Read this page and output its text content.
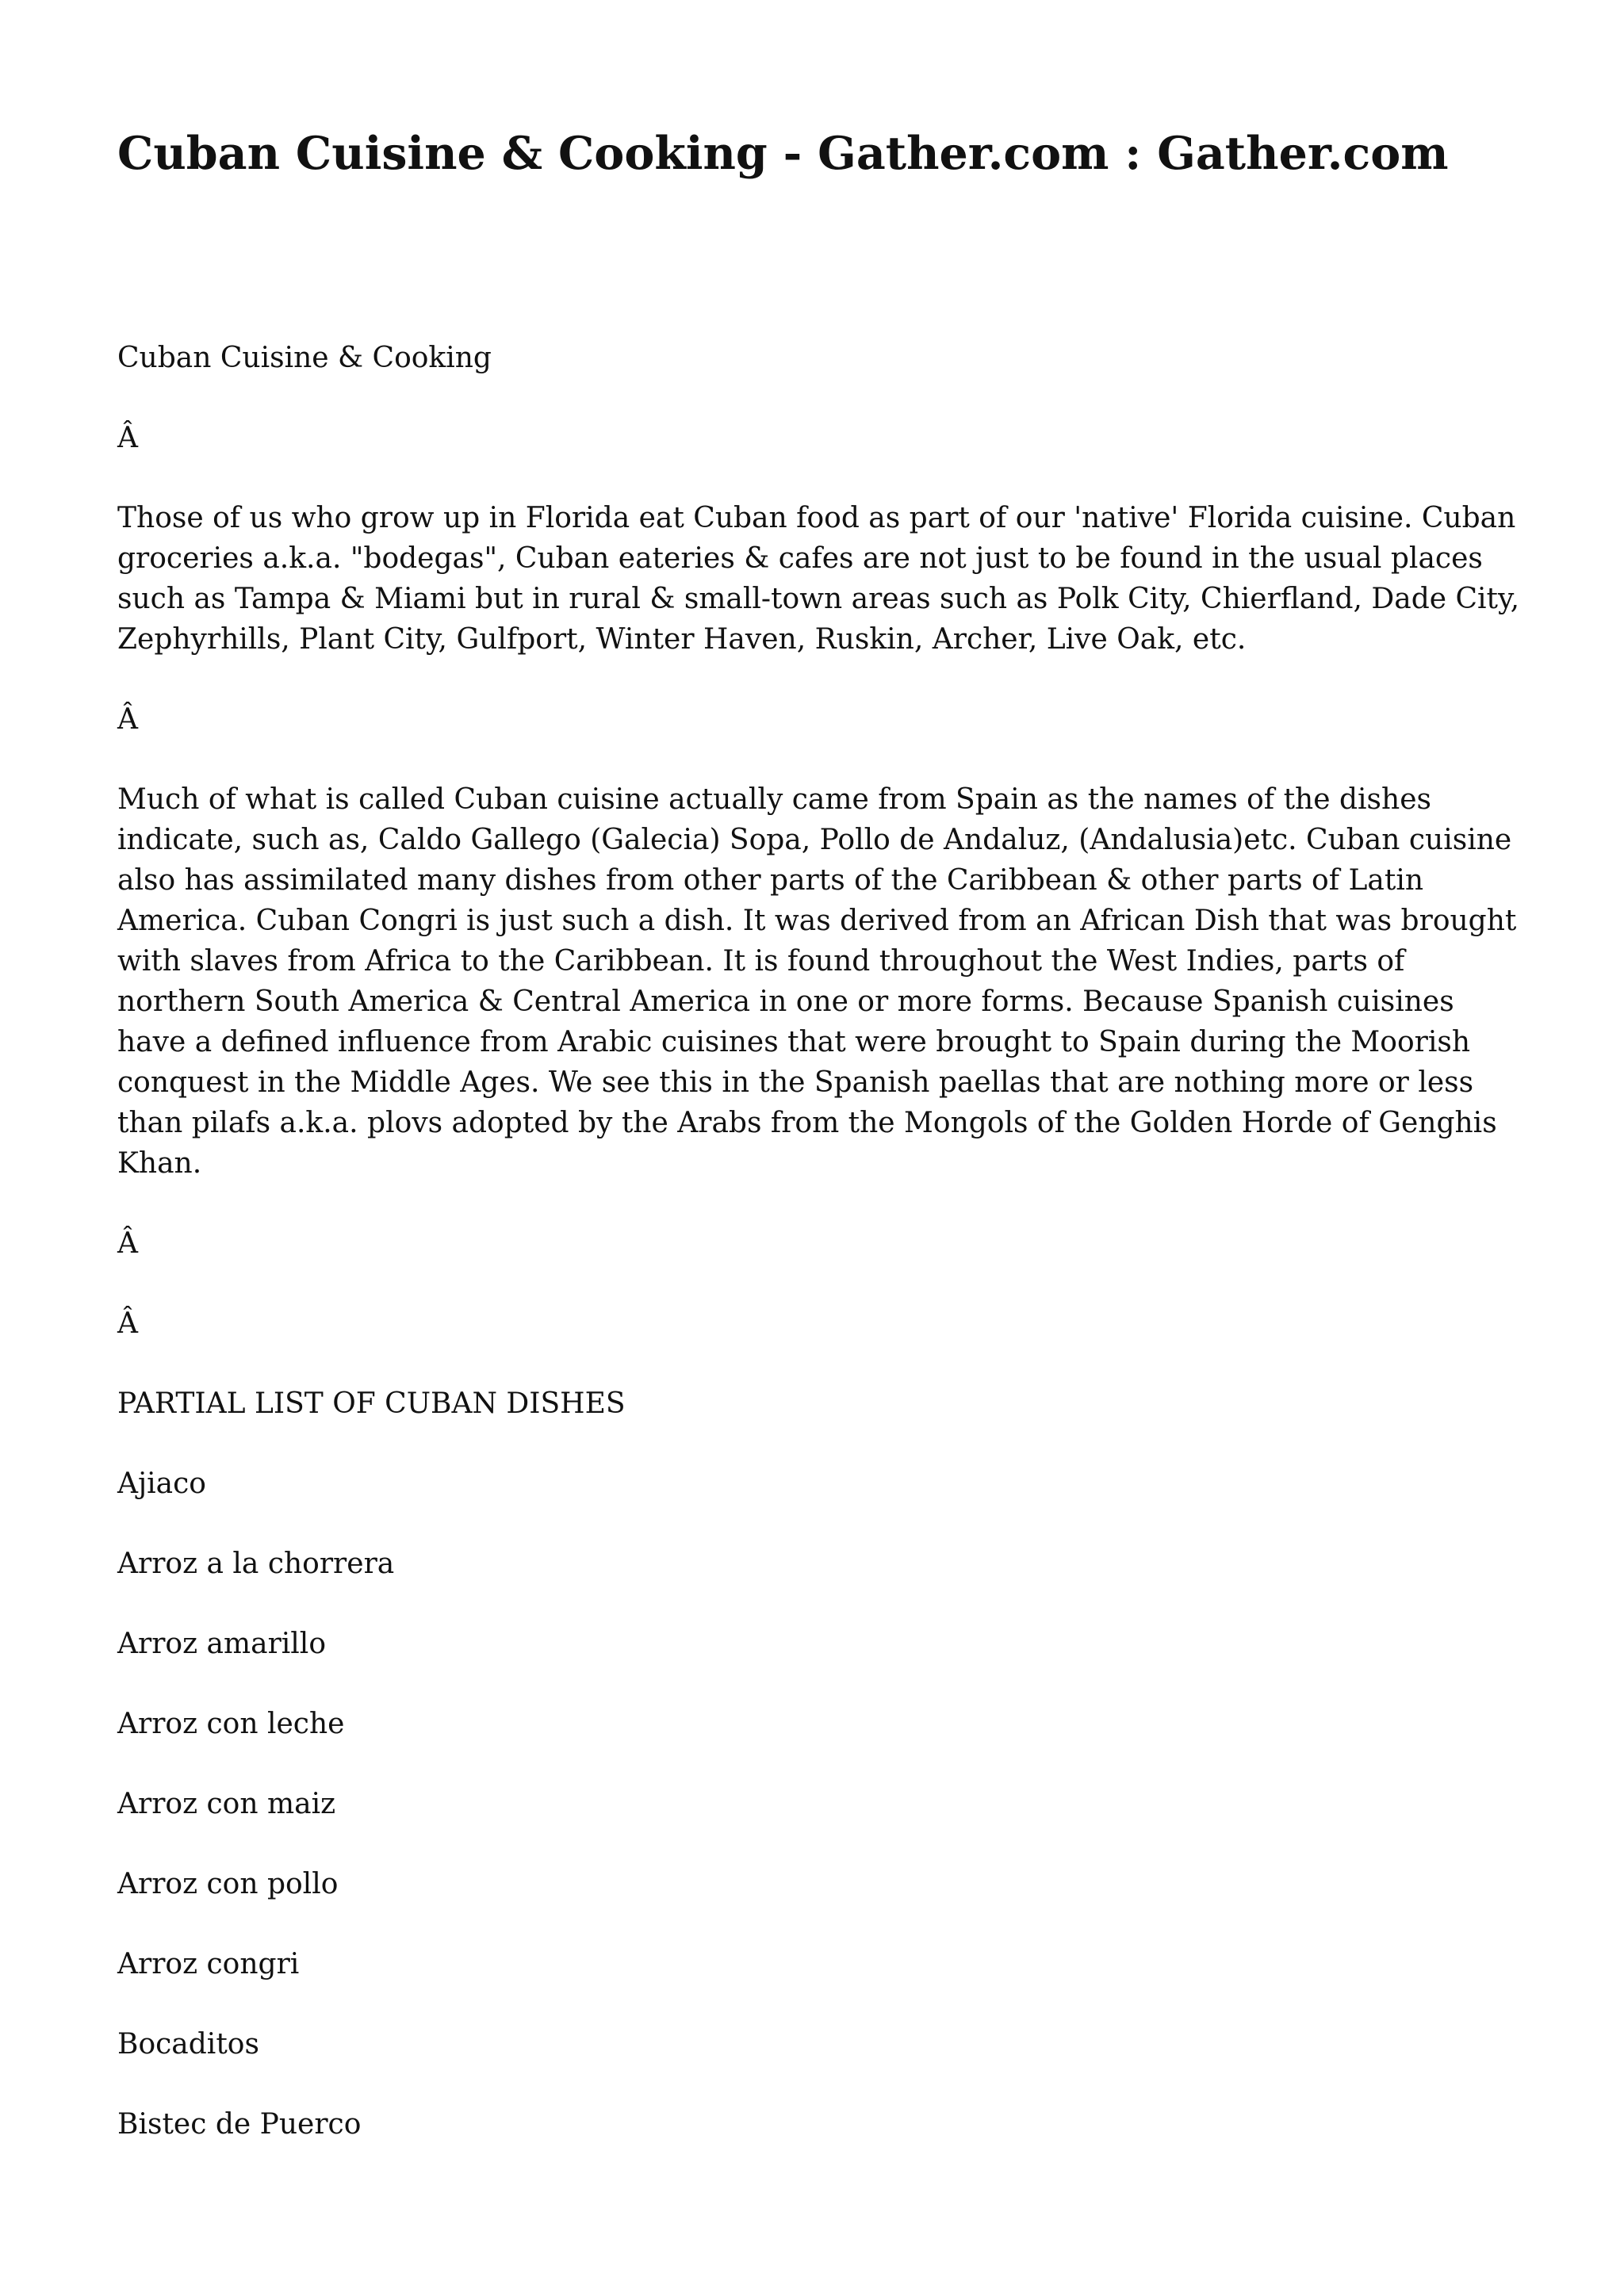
Cuban Cuisine & Cooking - Gather.com : Gather.com

Cuban Cuisine & Cooking

Â

Those of us who grow up in Florida eat Cuban food as part of our 'native' Florida cuisine. Cuban groceries a.k.a. "bodegas", Cuban eateries & cafes are not just to be found in the usual places such as Tampa & Miami but in rural & small-town areas such as Polk City, Chierfland, Dade City, Zephyrhills, Plant City, Gulfport, Winter Haven, Ruskin, Archer, Live Oak, etc.

Â

Much of what is called Cuban cuisine actually came from Spain as the names of the dishes indicate, such as, Caldo Gallego (Galecia) Sopa, Pollo de Andaluz, (Andalusia)etc. Cuban cuisine also has assimilated many dishes from other parts of the Caribbean & other parts of Latin America. Cuban Congri is just such a dish. It was derived from an African Dish that was brought with slaves from Africa to the Caribbean. It is found throughout the West Indies, parts of northern South America & Central America in one or more forms. Because Spanish cuisines have a defined influence from Arabic cuisines that were brought to Spain during the Moorish conquest in the Middle Ages. We see this in the Spanish paellas that are nothing more or less than pilafs a.k.a. plovs adopted by the Arabs from the Mongols of the Golden Horde of Genghis Khan.

Â

Â

PARTIAL LIST OF CUBAN DISHES

Ajiaco

Arroz a la chorrera

Arroz amarillo

Arroz con leche

Arroz con maiz

Arroz con pollo

Arroz congri

Bocaditos

Bistec de Puerco
